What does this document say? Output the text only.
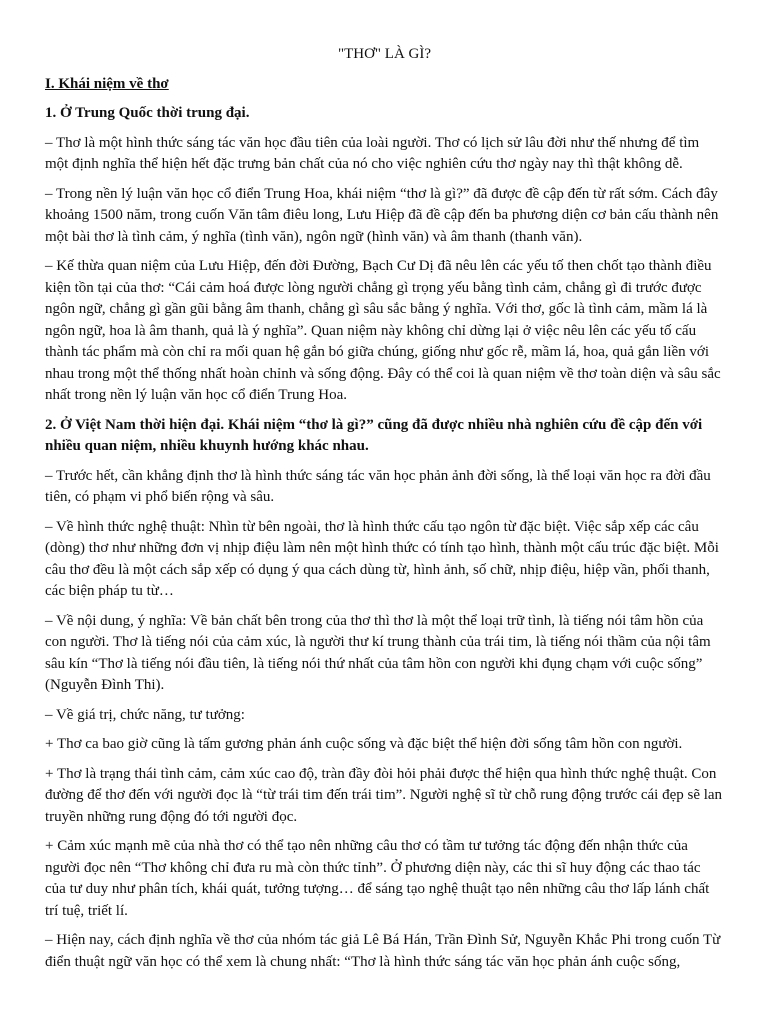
"THƠ" LÀ GÌ?

I. Khái niệm về thơ

1. Ở Trung Quốc thời trung đại.

– Thơ là một hình thức sáng tác văn học đầu tiên của loài người. Thơ có lịch sử lâu đời như thế nhưng để tìm một định nghĩa thể hiện hết đặc trưng bản chất của nó cho việc nghiên cứu thơ ngày nay thì thật không dễ.

– Trong nền lý luận văn học cổ điển Trung Hoa, khái niệm “thơ là gì?” đã được đề cập đến từ rất sớm. Cách đây khoảng 1500 năm, trong cuốn Văn tâm điêu long, Lưu Hiệp đã đề cập đến ba phương diện cơ bản cấu thành nên một bài thơ là tình cảm, ý nghĩa (tình văn), ngôn ngữ (hình văn) và âm thanh (thanh văn).

– Kế thừa quan niệm của Lưu Hiệp, đến đời Đường, Bạch Cư Dị đã nêu lên các yếu tố then chốt tạo thành điều kiện tồn tại của thơ: “Cái cảm hoá được lòng người chẳng gì trọng yếu bằng tình cảm, chẳng gì đi trước được ngôn ngữ, chẳng gì gần gũi bằng âm thanh, chẳng gì sâu sắc bằng ý nghĩa. Với thơ, gốc là tình cảm, mầm lá là ngôn ngữ, hoa là âm thanh, quả là ý nghĩa”. Quan niệm này không chỉ dừng lại ở việc nêu lên các yếu tố cấu thành tác phẩm mà còn chỉ ra mối quan hệ gắn bó giữa chúng, giống như gốc rễ, mầm lá, hoa, quả gắn liền với nhau trong một thể thống nhất hoàn chỉnh và sống động. Đây có thể coi là quan niệm về thơ toàn diện và sâu sắc nhất trong nền lý luận văn học cổ điển Trung Hoa.

2. Ở Việt Nam thời hiện đại. Khái niệm “thơ là gì?” cũng đã được nhiều nhà nghiên cứu đề cập đến với nhiều quan niệm, nhiều khuynh hướng khác nhau.

– Trước hết, cần khẳng định thơ là hình thức sáng tác văn học phản ảnh đời sống, là thể loại văn học ra đời đầu tiên, có phạm vi phổ biến rộng và sâu.

– Về hình thức nghệ thuật: Nhìn từ bên ngoài, thơ là hình thức cấu tạo ngôn từ đặc biệt. Việc sắp xếp các câu (dòng) thơ như những đơn vị nhịp điệu làm nên một hình thức có tính tạo hình, thành một cấu trúc đặc biệt. Mỗi câu thơ đều là một cách sắp xếp có dụng ý qua cách dùng từ, hình ảnh, số chữ, nhịp điệu, hiệp vần, phối thanh, các biện pháp tu từ…

– Về nội dung, ý nghĩa: Về bản chất bên trong của thơ thì thơ là một thể loại trữ tình, là tiếng nói tâm hồn của con người. Thơ là tiếng nói của cảm xúc, là người thư kí trung thành của trái tim, là tiếng nói thầm của nội tâm sâu kín “Thơ là tiếng nói đầu tiên, là tiếng nói thứ nhất của tâm hồn con người khi đụng chạm với cuộc sống” (Nguyễn Đình Thi).

– Về giá trị, chức năng, tư tưởng:

+ Thơ ca bao giờ cũng là tấm gương phản ánh cuộc sống và đặc biệt thể hiện đời sống tâm hồn con người.

+ Thơ là trạng thái tình cảm, cảm xúc cao độ, tràn đầy đòi hỏi phải được thể hiện qua hình thức nghệ thuật. Con đường để thơ đến với người đọc là “từ trái tim đến trái tim”. Người nghệ sĩ từ chỗ rung động trước cái đẹp sẽ lan truyền những rung động đó tới người đọc.

+ Cảm xúc mạnh mẽ của nhà thơ có thể tạo nên những câu thơ có tầm tư tưởng tác động đến nhận thức của người đọc nên “Thơ không chỉ đưa ru mà còn thức tỉnh”. Ở phương diện này, các thi sĩ huy động các thao tác của tư duy như phân tích, khái quát, tưởng tượng… để sáng tạo nghệ thuật tạo nên những câu thơ lấp lánh chất trí tuệ, triết lí.

– Hiện nay, cách định nghĩa về thơ của nhóm tác giả Lê Bá Hán, Trần Đình Sử, Nguyễn Khắc Phi trong cuốn Từ điển thuật ngữ văn học có thể xem là chung nhất: “Thơ là hình thức sáng tác văn học phản ánh cuộc sống,
